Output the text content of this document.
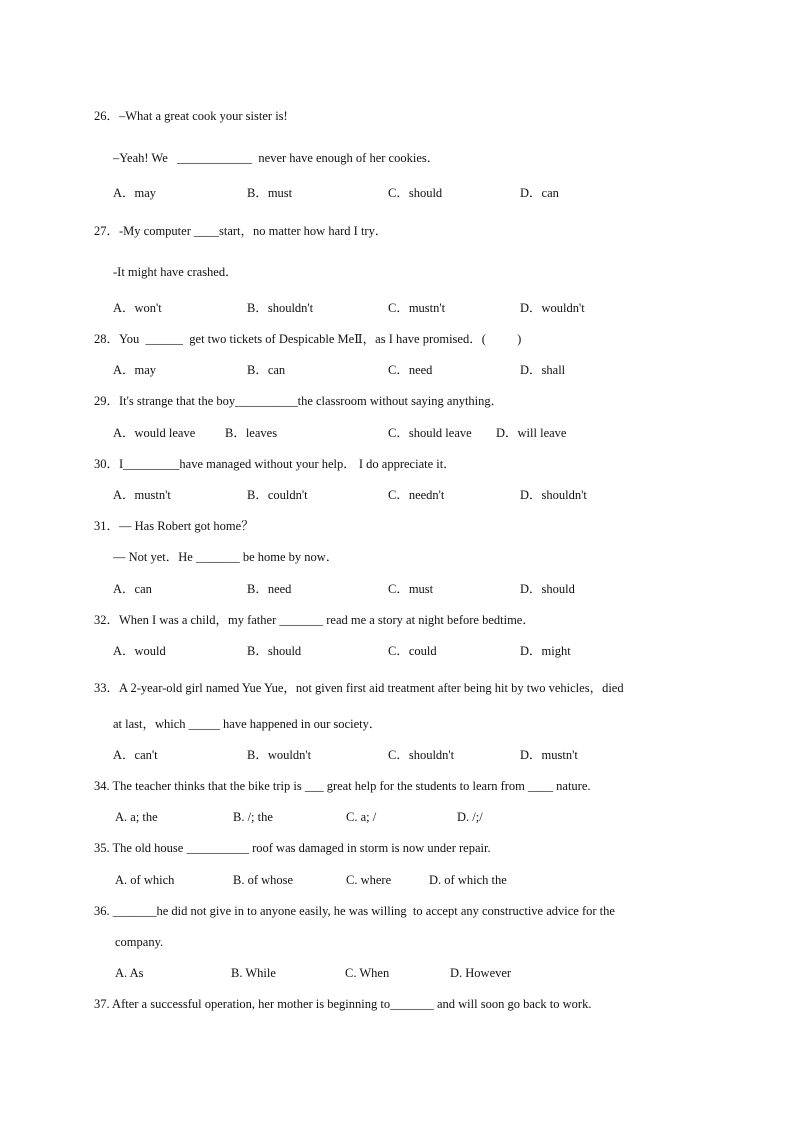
26．–What a great cook your sister is!
–Yeah! We   ____________  never have enough of her cookies．
A．may	B．must	C．should	D．can
27．-My computer ____start，no matter how hard I try．
-It might have crashed．
A．won't	B．shouldn't	C．mustn't	D．wouldn't
28．You  ______  get two tickets of Despicable MeⅡ，as I have promised．(          )
A．may	B．can	C．need	D．shall
29．It's strange that the boy__________the classroom without saying anything．
A．would leave B．leaves	C．should leave D．will leave
30．I_________have managed without your help． I do appreciate it．
A．mustn't	B．couldn't	C．needn't	D．shouldn't
31．— Has Robert got home？
— Not yet．He _______ be home by now．
A．can	B．need	C．must	D．should
32．When I was a child，my father _______ read me a story at night before bedtime．
A．would	B．should	C．could	D．might
33．A 2-year-old girl named Yue Yue，not given first aid treatment after being hit by two vehicles，died
at last，which _____ have happened in our society．
A．can't	B．wouldn't	C．shouldn't	D．mustn't
34. The teacher thinks that the bike trip is ___ great help for the students to learn from ____ nature.
A. a; the	B. /; the	C. a; /	D. /;/
35. The old house __________ roof was damaged in storm is now under repair.
A. of which	B. of whose	C. where	D. of which the
36. _______he did not give in to anyone easily, he was willing  to accept any constructive advice for the
company.
A. As	B. While	C. When	D. However
37. After a successful operation, her mother is beginning to_______ and will soon go back to work.
